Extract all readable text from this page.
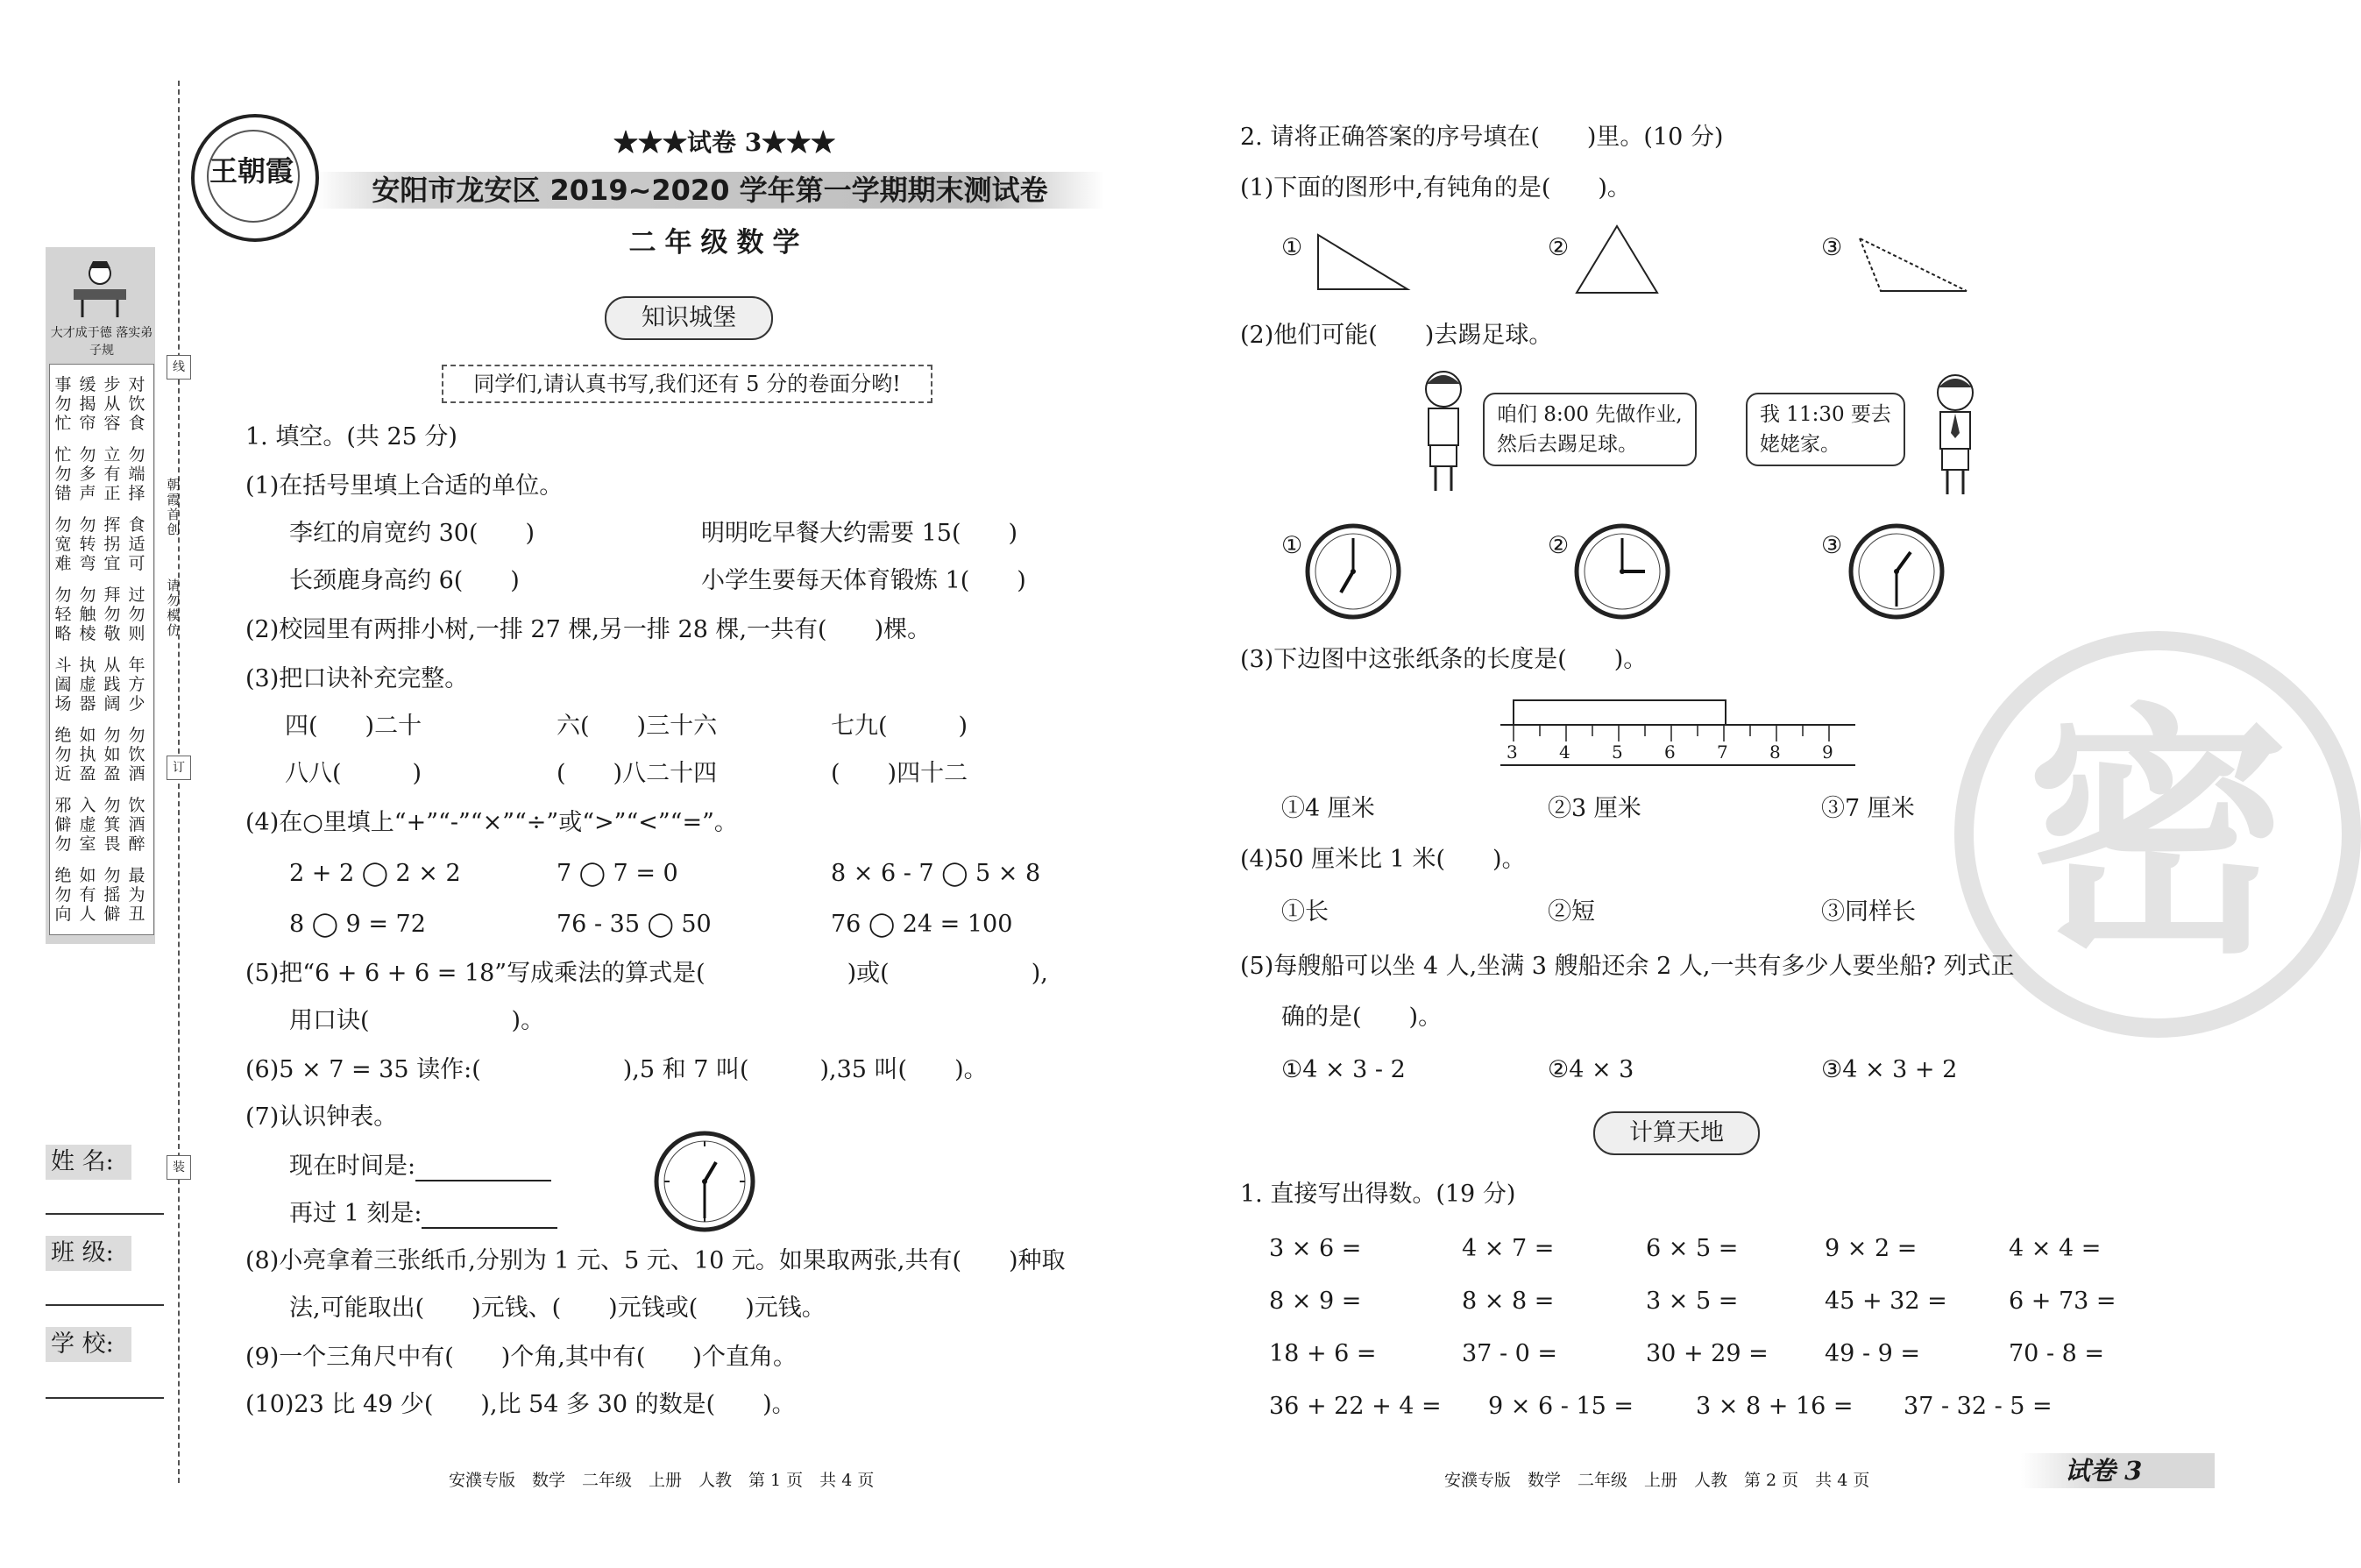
线
朝霞首创
请勿模仿
订
装
大才成于德 落实弟子规
事勿忙
缓揭帘
步从容
对饮食
忙勿错
勿多声
立有正
勿端择
勿宽难
勿转弯
挥拐宜
食适可
勿轻略
勿触棱
拜勿敬
过勿则
斗阖场
执虚器
从践阔
年方少
绝勿近
如执盈
勿如盈
勿饮酒
邪僻勿
入虚室
勿箕畏
饮酒醉
绝勿向
如有人
勿摇僻
最为丑
姓 名:
班 级:
学 校:
王朝霞
★★★试卷 3★★★
安阳市龙安区 2019~2020 学年第一学期期末测试卷
二年级数学
知识城堡
同学们,请认真书写,我们还有 5 分的卷面分哟!
1. 填空。(共 25 分)
(1)在括号里填上合适的单位。
李红的肩宽约 30(　　)	明明吃早餐大约需要 15(　　)
长颈鹿身高约 6(　　)	小学生要每天体育锻炼 1(　　)
(2)校园里有两排小树,一排 27 棵,另一排 28 棵,一共有(　　)棵。
(3)把口诀补充完整。
四(　　)二十	六(　　)三十六	七九(　　　)
八八(　　　)	(　　)八二十四	(　　)四十二
(4)在○里填上“+”“-”“×”“÷”或“>”“<”“=”。
2 + 2 ◯ 2 × 2	7 ◯ 7 = 0	8 × 6 - 7 ◯ 5 × 8
8 ◯ 9 = 72	76 - 35 ◯ 50	76 ◯ 24 = 100
(5)把“6 + 6 + 6 = 18”写成乘法的算式是(　　　　　　)或(　　　　　　),
用口诀(　　　　　　)。
(6)5 × 7 = 35 读作:(　　　　　　),5 和 7 叫(　　　),35 叫(　　)。
(7)认识钟表。
现在时间是:
再过 1 刻是:
(8)小亮拿着三张纸币,分别为 1 元、5 元、10 元。如果取两张,共有(　　)种取
法,可能取出(　　)元钱、(　　)元钱或(　　)元钱。
(9)一个三角尺中有(　　)个角,其中有(　　)个直角。
(10)23 比 49 少(　　),比 54 多 30 的数是(　　)。
安濮专版　数学　二年级　上册　人教　第 1 页　共 4 页
密
2. 请将正确答案的序号填在(　　)里。(10 分)
(1)下面的图形中,有钝角的是(　　)。
①	②	③
(2)他们可能(　　)去踢足球。
咱们 8:00 先做作业,
然后去踢足球。
我 11:30 要去
姥姥家。
①	②	③
(3)下边图中这张纸条的长度是(　　)。
3 4 5 6 7 8 9
①4 厘米	②3 厘米	③7 厘米
(4)50 厘米比 1 米(　　)。
①长	②短	③同样长
(5)每艘船可以坐 4 人,坐满 3 艘船还余 2 人,一共有多少人要坐船? 列式正
确的是(　　)。
①4 × 3 - 2	②4 × 3	③4 × 3 + 2
计算天地
1. 直接写出得数。(19 分)
3 × 6 =	4 × 7 =	6 × 5 =	9 × 2 =	4 × 4 =
8 × 9 =	8 × 8 =	3 × 5 =	45 + 32 =	6 + 73 =
18 + 6 =	37 - 0 =	30 + 29 = 49 - 9 =	70 - 8 =
36 + 22 + 4 = 9 × 6 - 15 =	3 × 8 + 16 = 37 - 32 - 5 =
安濮专版　数学　二年级　上册　人教　第 2 页　共 4 页	试卷 3
